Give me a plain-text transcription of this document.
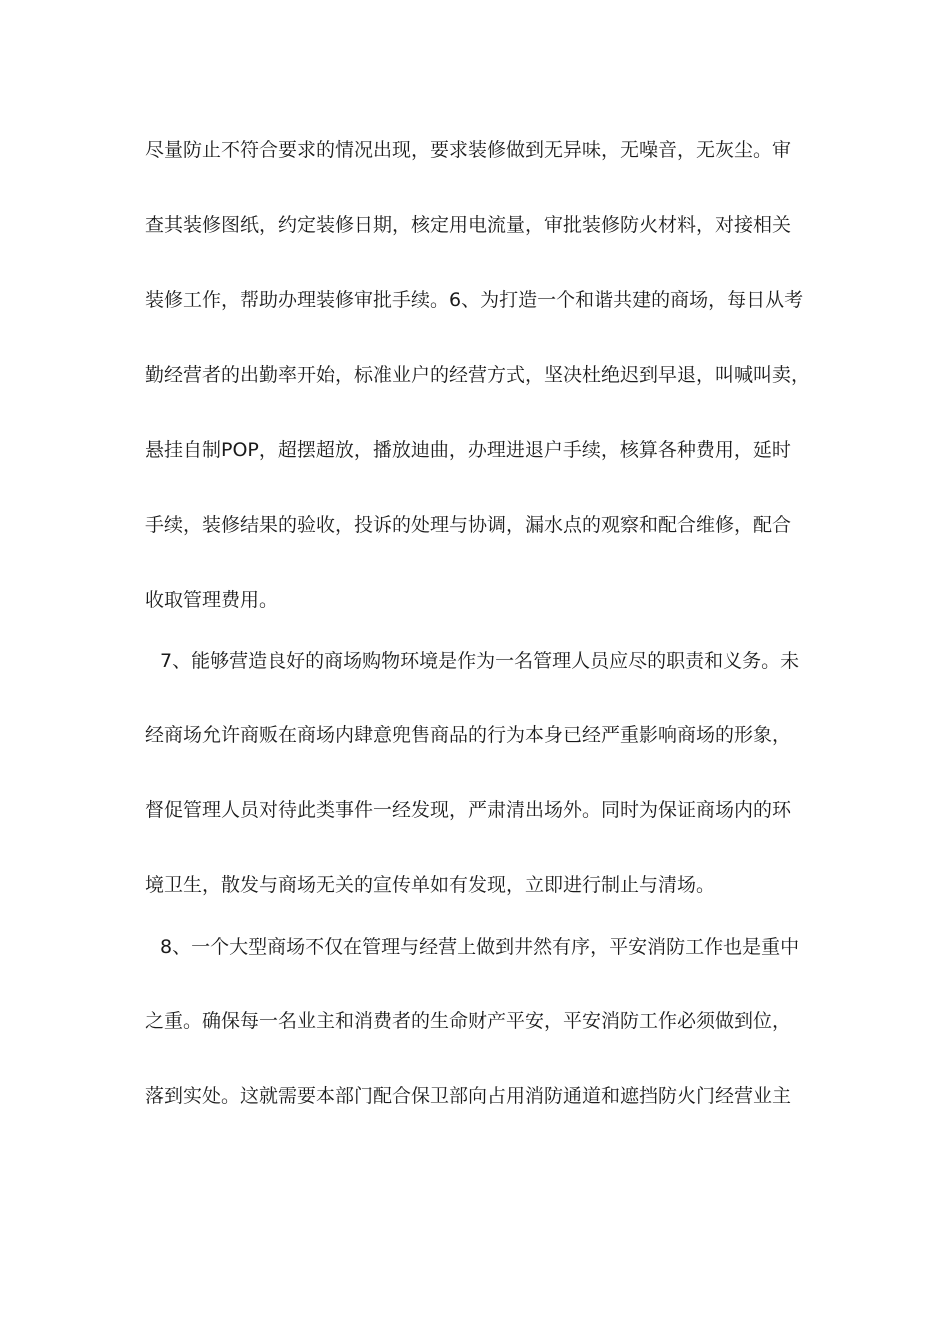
尽量防止不符合要求的情况出现，要求装修做到无异味，无噪音，无灰尘。审
查其装修图纸，约定装修日期，核定用电流量，审批装修防火材料，对接相关
装修工作，帮助办理装修审批手续。6、为打造一个和谐共建的商场，每日从考
勤经营者的出勤率开始，标准业户的经营方式，坚决杜绝迟到早退，叫喊叫卖，
悬挂自制POP，超摆超放，播放迪曲，办理进退户手续，核算各种费用，延时
手续，装修结果的验收，投诉的处理与协调，漏水点的观察和配合维修，配合
收取管理费用。
7、能够营造良好的商场购物环境是作为一名管理人员应尽的职责和义务。未
经商场允许商贩在商场内肆意兜售商品的行为本身已经严重影响商场的形象，
督促管理人员对待此类事件一经发现，严肃清出场外。同时为保证商场内的环
境卫生，散发与商场无关的宣传单如有发现，立即进行制止与清场。
8、一个大型商场不仅在管理与经营上做到井然有序，平安消防工作也是重中
之重。确保每一名业主和消费者的生命财产平安，平安消防工作必须做到位，
落到实处。这就需要本部门配合保卫部向占用消防通道和遮挡防火门经营业主
